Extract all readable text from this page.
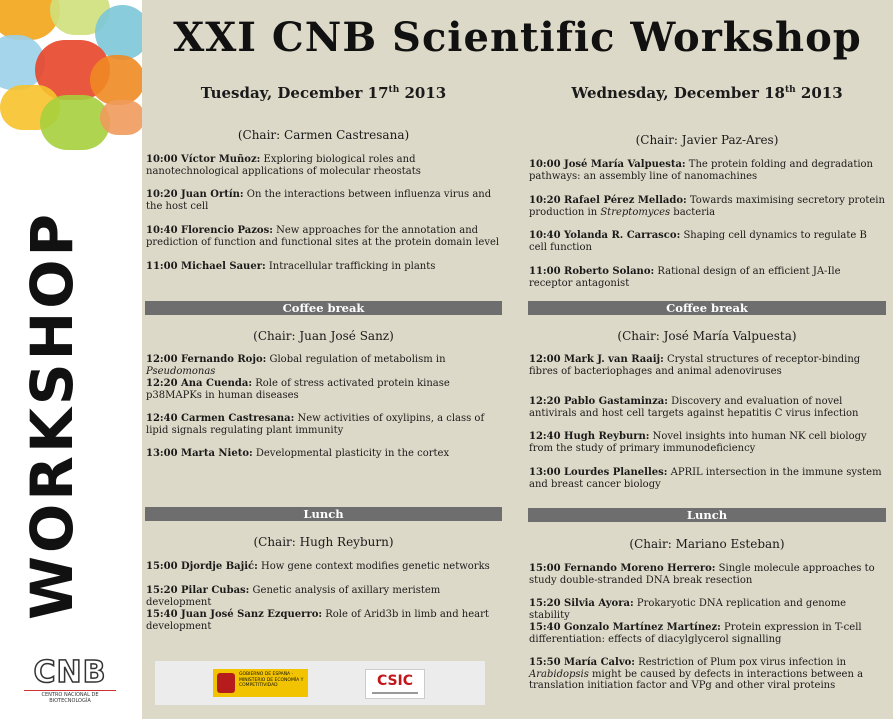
WORKSHOP
CNB
CENTRO NACIONAL DE BIOTECNOLOGÍA
XXI CNB Scientific Workshop
Tuesday, December 17th 2013
(Chair: Carmen Castresana)
10:00 Víctor Muñoz: Exploring biological roles and nanotechnological applications of molecular rheostats
10:20 Juan Ortín: On the interactions between influenza virus and the host cell
10:40 Florencio Pazos: New approaches for the annotation and prediction of function and functional sites at the protein domain level
11:00 Michael Sauer: Intracellular trafficking in plants
Coffee break
(Chair: Juan José Sanz)
12:00 Fernando Rojo: Global regulation of metabolism in Pseudomonas
12:20 Ana Cuenda: Role of stress activated protein kinase p38MAPKs in human diseases
12:40 Carmen Castresana: New activities of oxylipins, a class of lipid signals regulating plant immunity
13:00 Marta Nieto: Developmental plasticity in the cortex
Lunch
(Chair: Hugh Reyburn)
15:00 Djordje Bajić: How gene context modifies genetic networks
15:20 Pilar Cubas: Genetic analysis of axillary meristem development
15:40 Juan José Sanz Ezquerro: Role of Arid3b in limb and heart development
Wednesday, December 18th 2013
(Chair: Javier Paz-Ares)
10:00 José María Valpuesta: The protein folding and degradation pathways: an assembly line of nanomachines
10:20 Rafael Pérez Mellado: Towards maximising secretory protein production in Streptomyces bacteria
10:40 Yolanda R. Carrasco: Shaping cell dynamics to regulate B cell function
11:00 Roberto Solano: Rational design of an efficient JA-Ile receptor antagonist
Coffee break
(Chair: José María Valpuesta)
12:00 Mark J. van Raaij: Crystal structures of receptor-binding fibres of bacteriophages and animal adenoviruses
12:20 Pablo Gastaminza: Discovery and evaluation of novel antivirals and host cell targets against hepatitis C virus infection
12:40 Hugh Reyburn: Novel insights into human NK cell biology from the study of primary immunodeficiency
13:00 Lourdes Planelles: APRIL intersection in the immune system and breast cancer biology
Lunch
(Chair: Mariano Esteban)
15:00 Fernando Moreno Herrero: Single molecule approaches to study double-stranded DNA break resection
15:20 Silvia Ayora: Prokaryotic DNA replication and genome stability
15:40 Gonzalo Martínez Martínez: Protein expression in T-cell differentiation: effects of diacylglycerol signalling
15:50 María Calvo: Restriction of Plum pox virus infection in Arabidopsis might be caused by defects in interactions between a translation initiation factor and VPg and other viral proteins
GOBIERNO DE ESPAÑA · MINISTERIO DE ECONOMÍA Y COMPETITIVIDAD	CSIC
